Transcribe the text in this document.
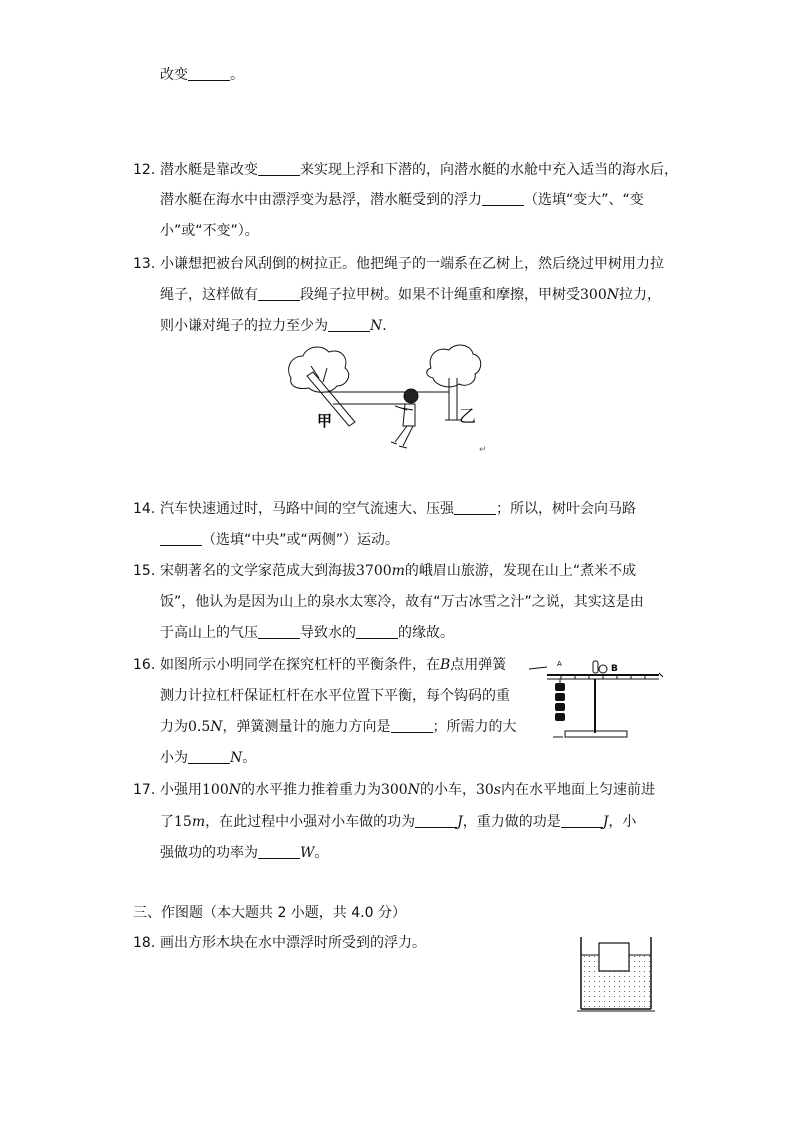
改变	。
12. 潜水艇是靠改变	来实现上浮和下潜的，向潜水艇的水舱中充入适当的海水后，
潜水艇在海水中由漂浮变为悬浮，潜水艇受到的浮力	（选填“变大”、“变
小”或“不变”）。
13. 小谦想把被台风刮倒的树拉正。他把绳子的一端系在乙树上，然后绕过甲树用力拉
绳子，这样做有	段绳子拉甲树。如果不计绳重和摩擦，甲树受300N拉力，
则小谦对绳子的拉力至少为	N.
甲	乙
↵
14. 汽车快速通过时，马路中间的空气流速大、压强	；所以，树叶会向马路
（选填“中央”或“两侧”）运动。
15. 宋朝著名的文学家范成大到海拔3700m的峨眉山旅游，发现在山上“煮米不成
饭”，他认为是因为山上的泉水太寒冷，故有“万古冰雪之汁”之说，其实这是由
于高山上的气压	导致水的	的缘故。
16. 如图所示小明同学在探究杠杆的平衡条件，在B点用弹簧
测力计拉杠杆保证杠杆在水平位置下平衡，每个钩码的重
力为0.5N，弹簧测量计的施力方向是	；所需力的大
小为	N。
A	B
17. 小强用100N的水平推力推着重力为300N的小车，30s内在水平地面上匀速前进
了15m，在此过程中小强对小车做的功为	J，重力做的功是	J，小
强做功的功率为	W。
三、作图题（本大题共 2 小题，共 4.0 分）
18. 画出方形木块在水中漂浮时所受到的浮力。
